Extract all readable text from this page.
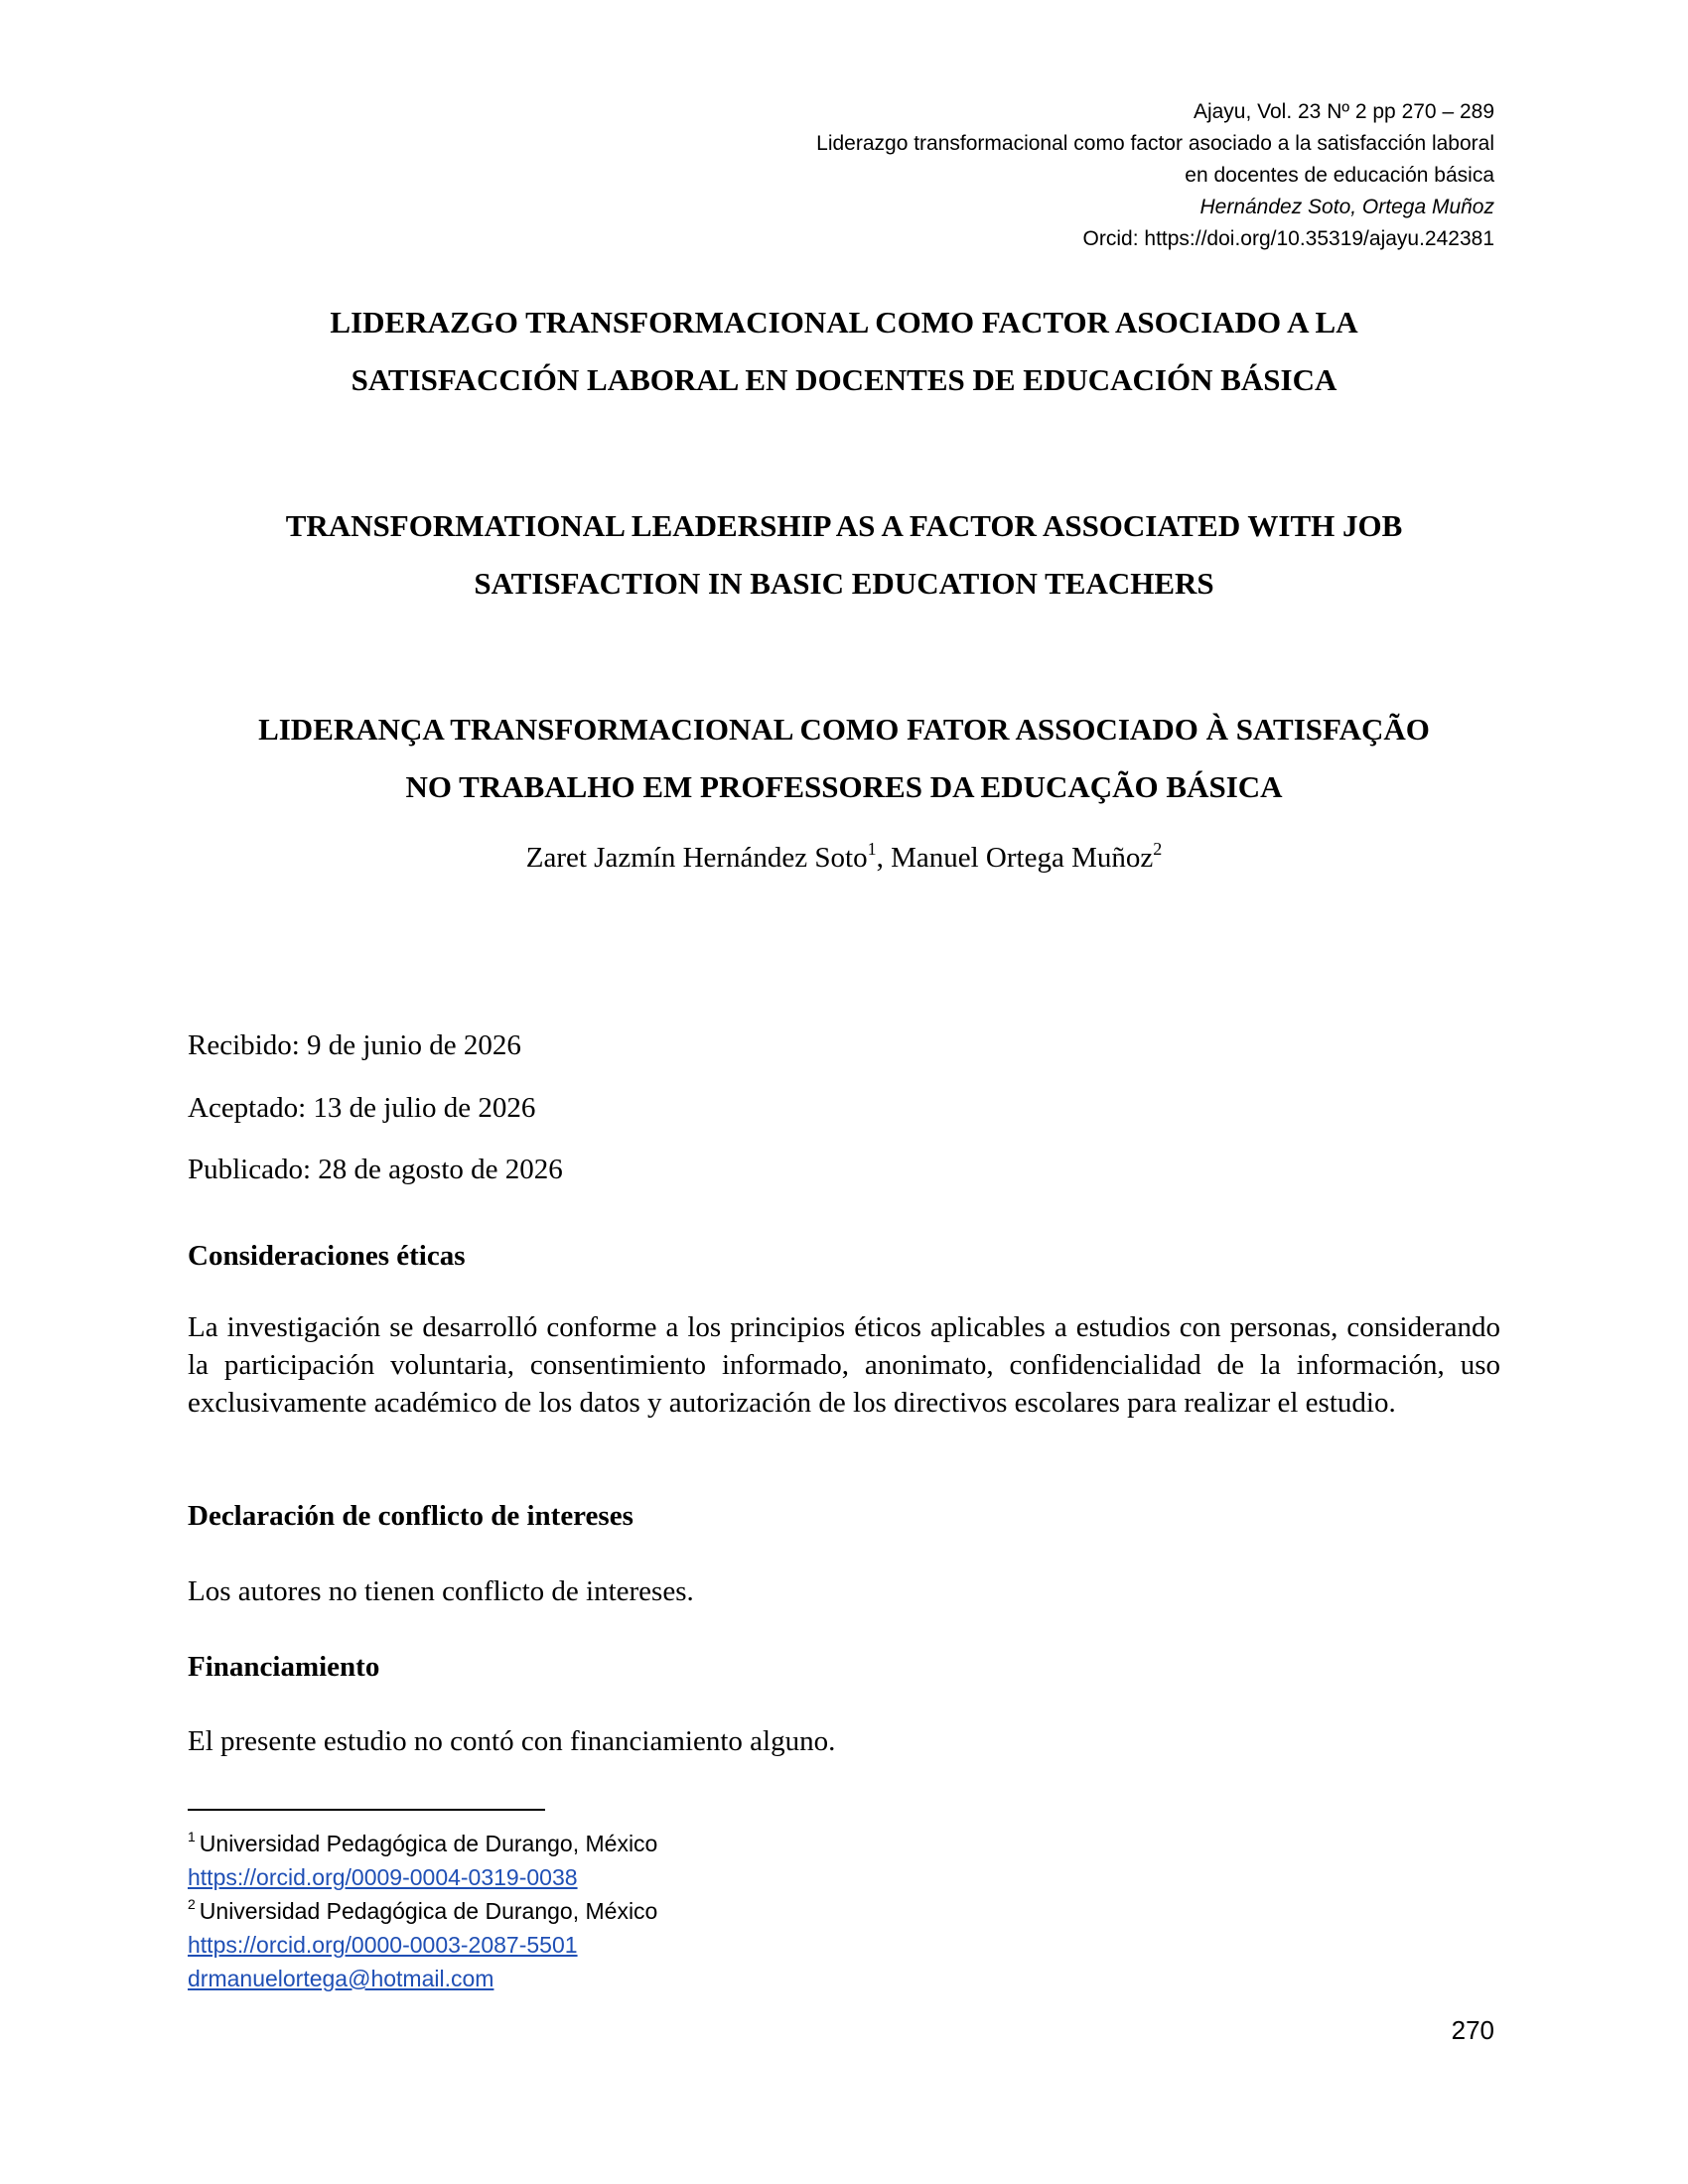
Ajayu, Vol. 23 Nº 2 pp 270 – 289
Liderazgo transformacional como factor asociado a la satisfacción laboral
en docentes de educación básica
Hernández Soto, Ortega Muñoz
Orcid: https://doi.org/10.35319/ajayu.242381
LIDERAZGO TRANSFORMACIONAL COMO FACTOR ASOCIADO A LA
SATISFACCIÓN LABORAL EN DOCENTES DE EDUCACIÓN BÁSICA
TRANSFORMATIONAL LEADERSHIP AS A FACTOR ASSOCIATED WITH JOB
SATISFACTION IN BASIC EDUCATION TEACHERS
LIDERANÇA TRANSFORMACIONAL COMO FATOR ASSOCIADO À SATISFAÇÃO
NO TRABALHO EM PROFESSORES DA EDUCAÇÃO BÁSICA
Zaret Jazmín Hernández Soto$^1$, Manuel Ortega Muñoz$^2$
Recibido: 9 de junio de 2026
Aceptado: 13 de julio de 2026
Publicado: 28 de agosto de 2026
Consideraciones éticas
La investigación se desarrolló conforme a los principios éticos aplicables a estudios con personas, considerando la participación voluntaria, consentimiento informado, anonimato, confidencialidad de la información, uso exclusivamente académico de los datos y autorización de los directivos escolares para realizar el estudio.
Declaración de conflicto de intereses
Los autores no tienen conflicto de intereses.
Financiamiento
El presente estudio no contó con financiamiento alguno.
$^1$ Universidad Pedagógica de Durango, México
https://orcid.org/0009-0004-0319-0038
$^2$ Universidad Pedagógica de Durango, México
https://orcid.org/0000-0003-2087-5501
drmanuelortega@hotmail.com
270
